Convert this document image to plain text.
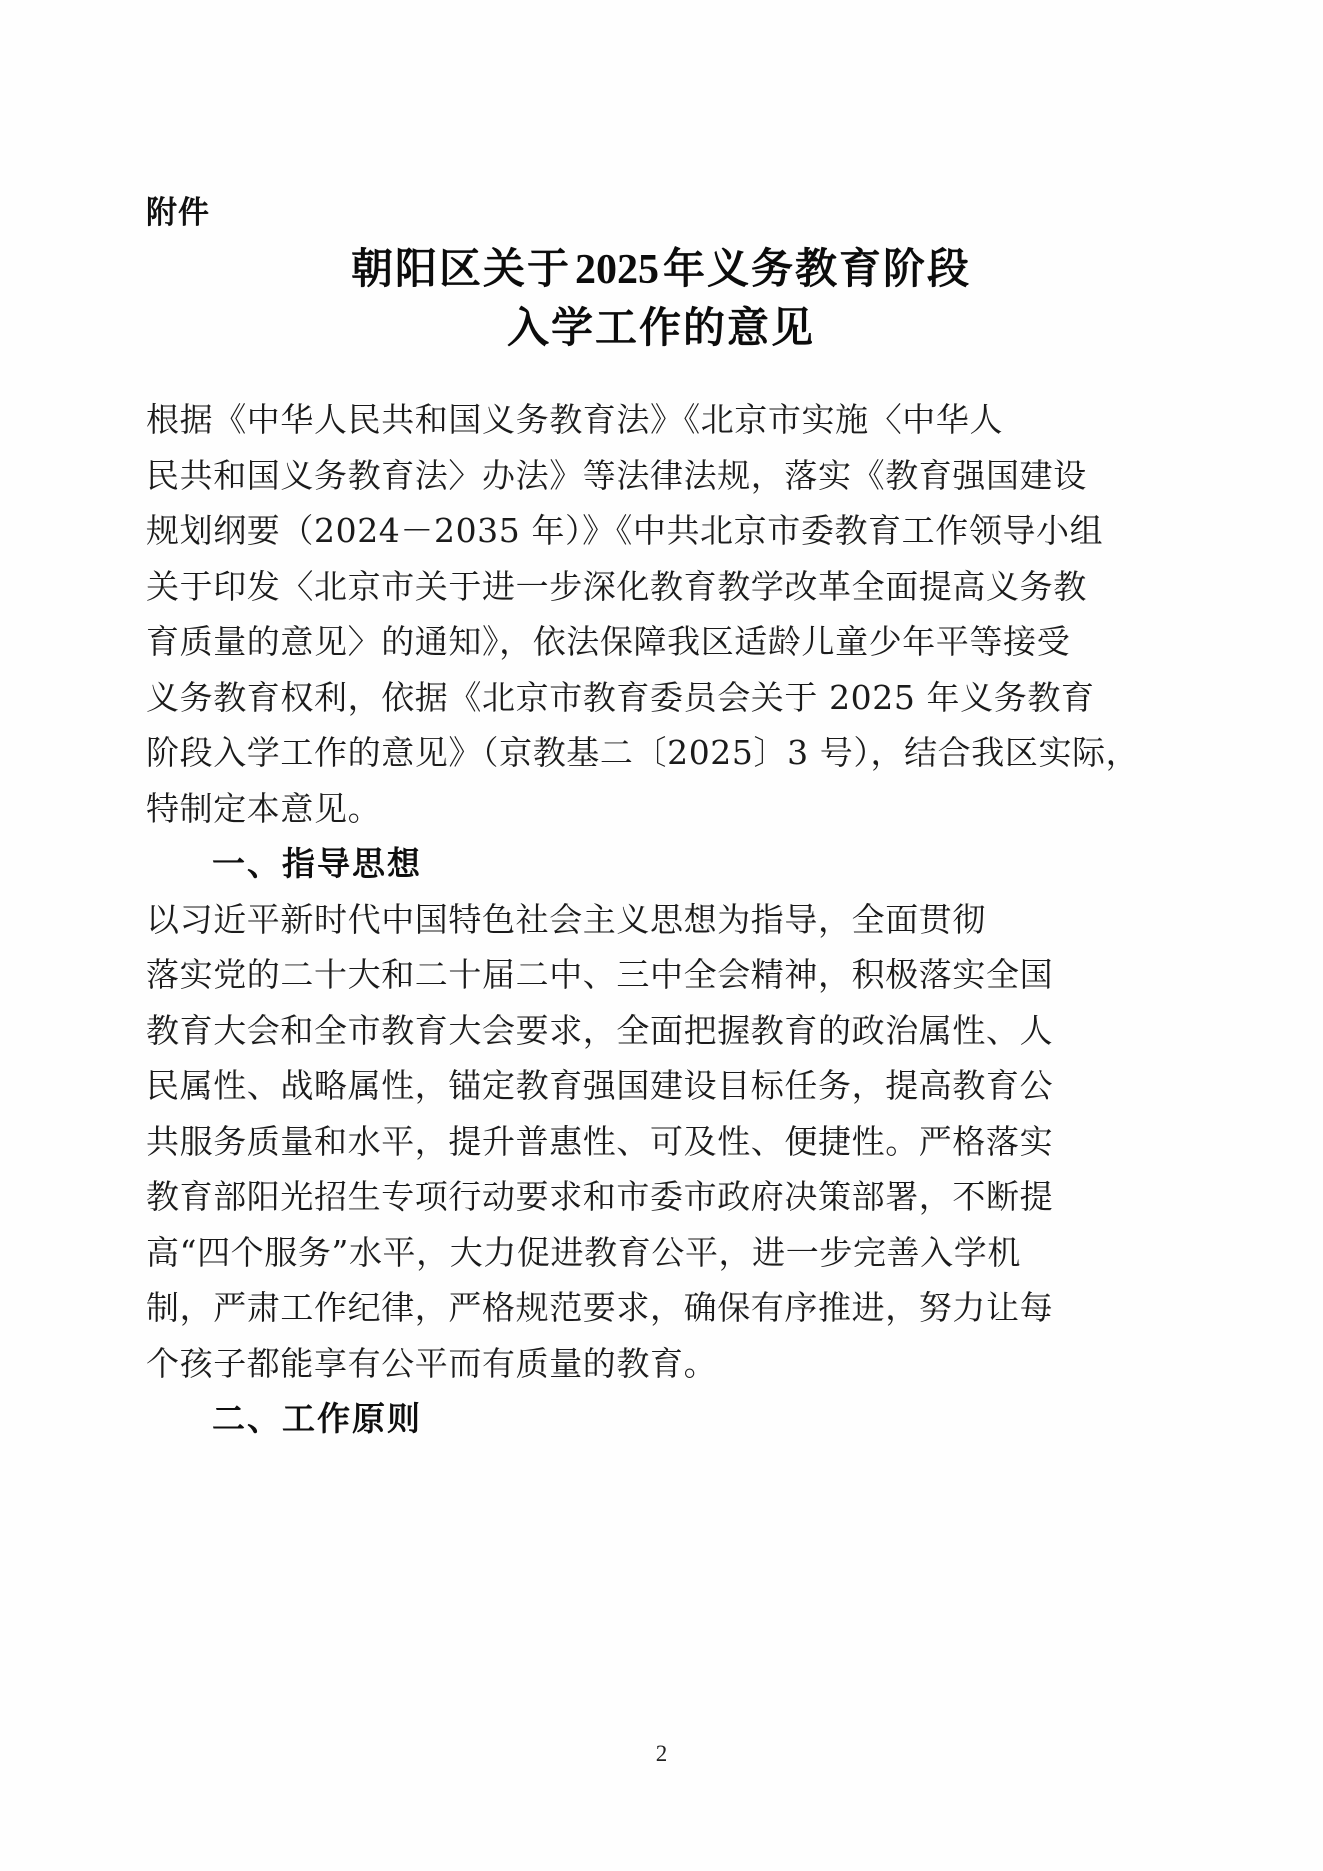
附件
朝阳区关于2025年义务教育阶段
入学工作的意见

根据《中华人民共和国义务教育法》《北京市实施〈中华人
民共和国义务教育法〉办法》等法律法规，落实《教育强国建设
规划纲要（2024－2035 年）》《中共北京市委教育工作领导小组
关于印发〈北京市关于进一步深化教育教学改革全面提高义务教
育质量的意见〉的通知》，依法保障我区适龄儿童少年平等接受
义务教育权利，依据《北京市教育委员会关于 2025 年义务教育
阶段入学工作的意见》（京教基二〔2025〕3 号），结合我区实际，
特制定本意见。

一、指导思想

以习近平新时代中国特色社会主义思想为指导，全面贯彻
落实党的二十大和二十届二中、三中全会精神，积极落实全国
教育大会和全市教育大会要求，全面把握教育的政治属性、人
民属性、战略属性，锚定教育强国建设目标任务，提高教育公
共服务质量和水平，提升普惠性、可及性、便捷性。严格落实
教育部阳光招生专项行动要求和市委市政府决策部署，不断提
高“四个服务”水平，大力促进教育公平，进一步完善入学机
制，严肃工作纪律，严格规范要求，确保有序推进，努力让每
个孩子都能享有公平而有质量的教育。

二、工作原则
2
